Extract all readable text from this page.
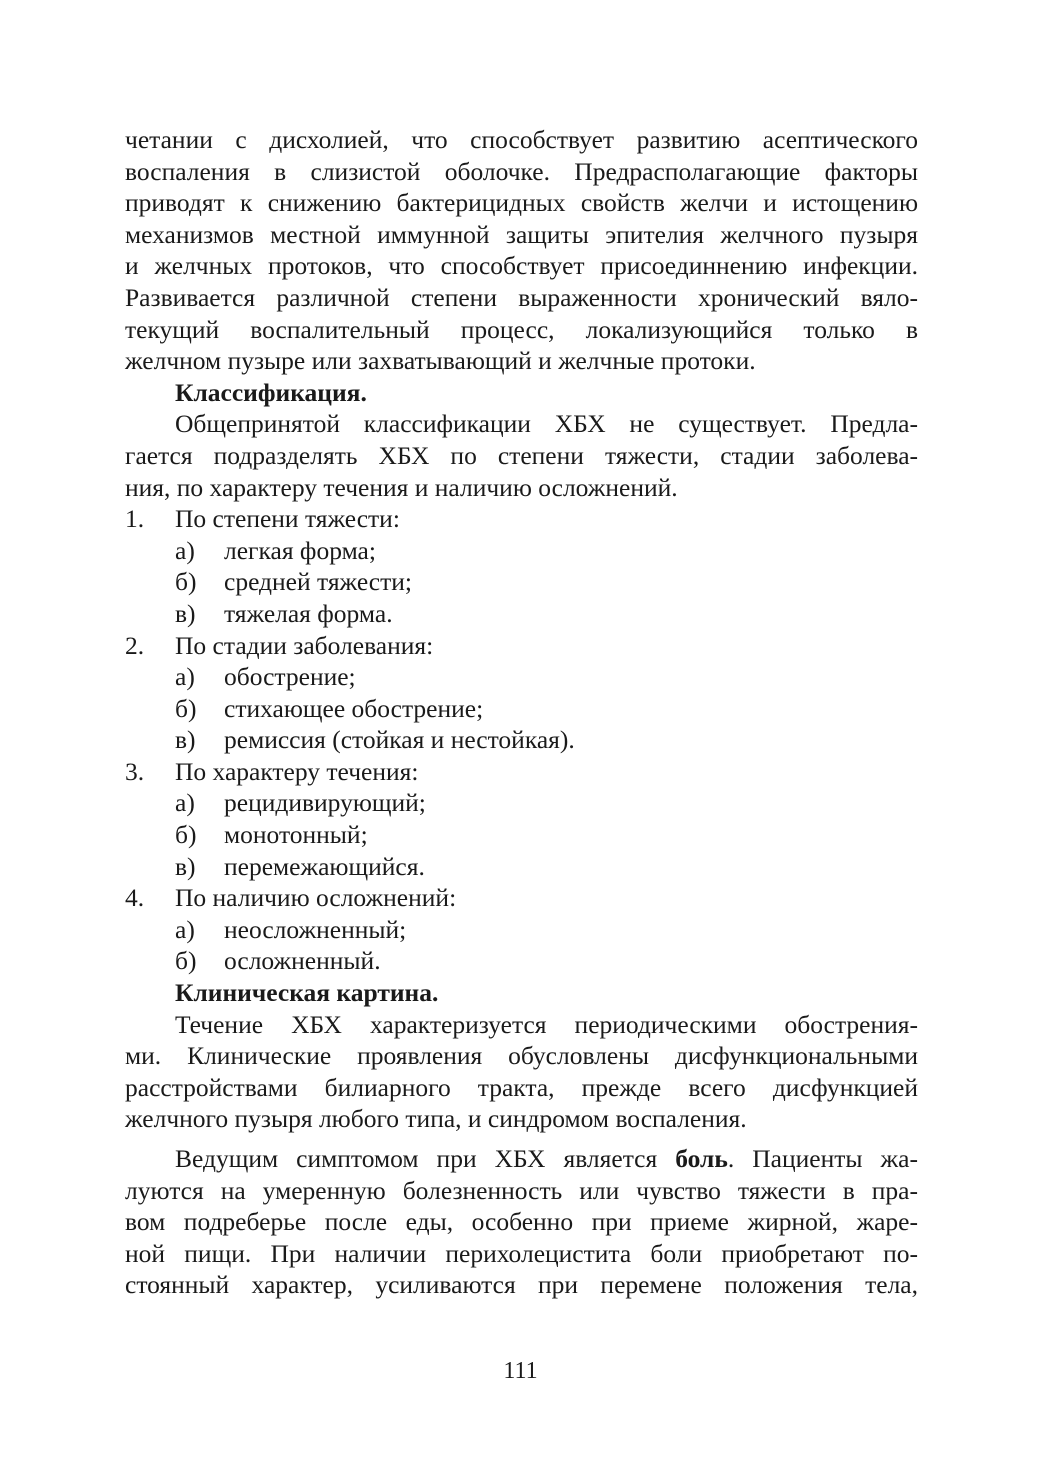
четании с дисхолией, что способствует развитию асептического
воспаления в слизистой оболочке. Предрасполагающие факторы
приводят к снижению бактерицидных свойств желчи и истощению
механизмов местной иммунной защиты эпителия желчного пузыря
и желчных протоков, что способствует присоединнению инфекции.
Развивается различной степени выраженности хронический вяло-
текущий воспалительный процесс, локализующийся только в
желчном пузыре или захватывающий и желчные протоки.
Классификация.
Общепринятой классификации ХБХ не существует. Предла-
гается подразделять ХБХ по степени тяжести, стадии заболева-
ния, по характеру течения и наличию осложнений.
1.	По степени тяжести:
а)	легкая форма;
б)	средней тяжести;
в)	тяжелая форма.
2.	По стадии заболевания:
а)	обострение;
б)	стихающее обострение;
в)	ремиссия (стойкая и нестойкая).
3.	По характеру течения:
а)	рецидивирующий;
б)	монотонный;
в)	перемежающийся.
4.	По наличию осложнений:
а)	неосложненный;
б)	осложненный.
Клиническая картина.
Течение ХБХ характеризуется периодическими обострения-
ми. Клинические проявления обусловлены дисфункциональными
расстройствами билиарного тракта, прежде всего дисфункцией
желчного пузыря любого типа, и синдромом воспаления.
Ведущим симптомом при ХБХ является боль. Пациенты жа-
луются на умеренную болезненность или чувство тяжести в пра-
вом подреберье после еды, особенно при приеме жирной, жаре-
ной пищи. При наличии перихолецистита боли приобретают по-
стоянный характер, усиливаются при перемене положения тела,
111
